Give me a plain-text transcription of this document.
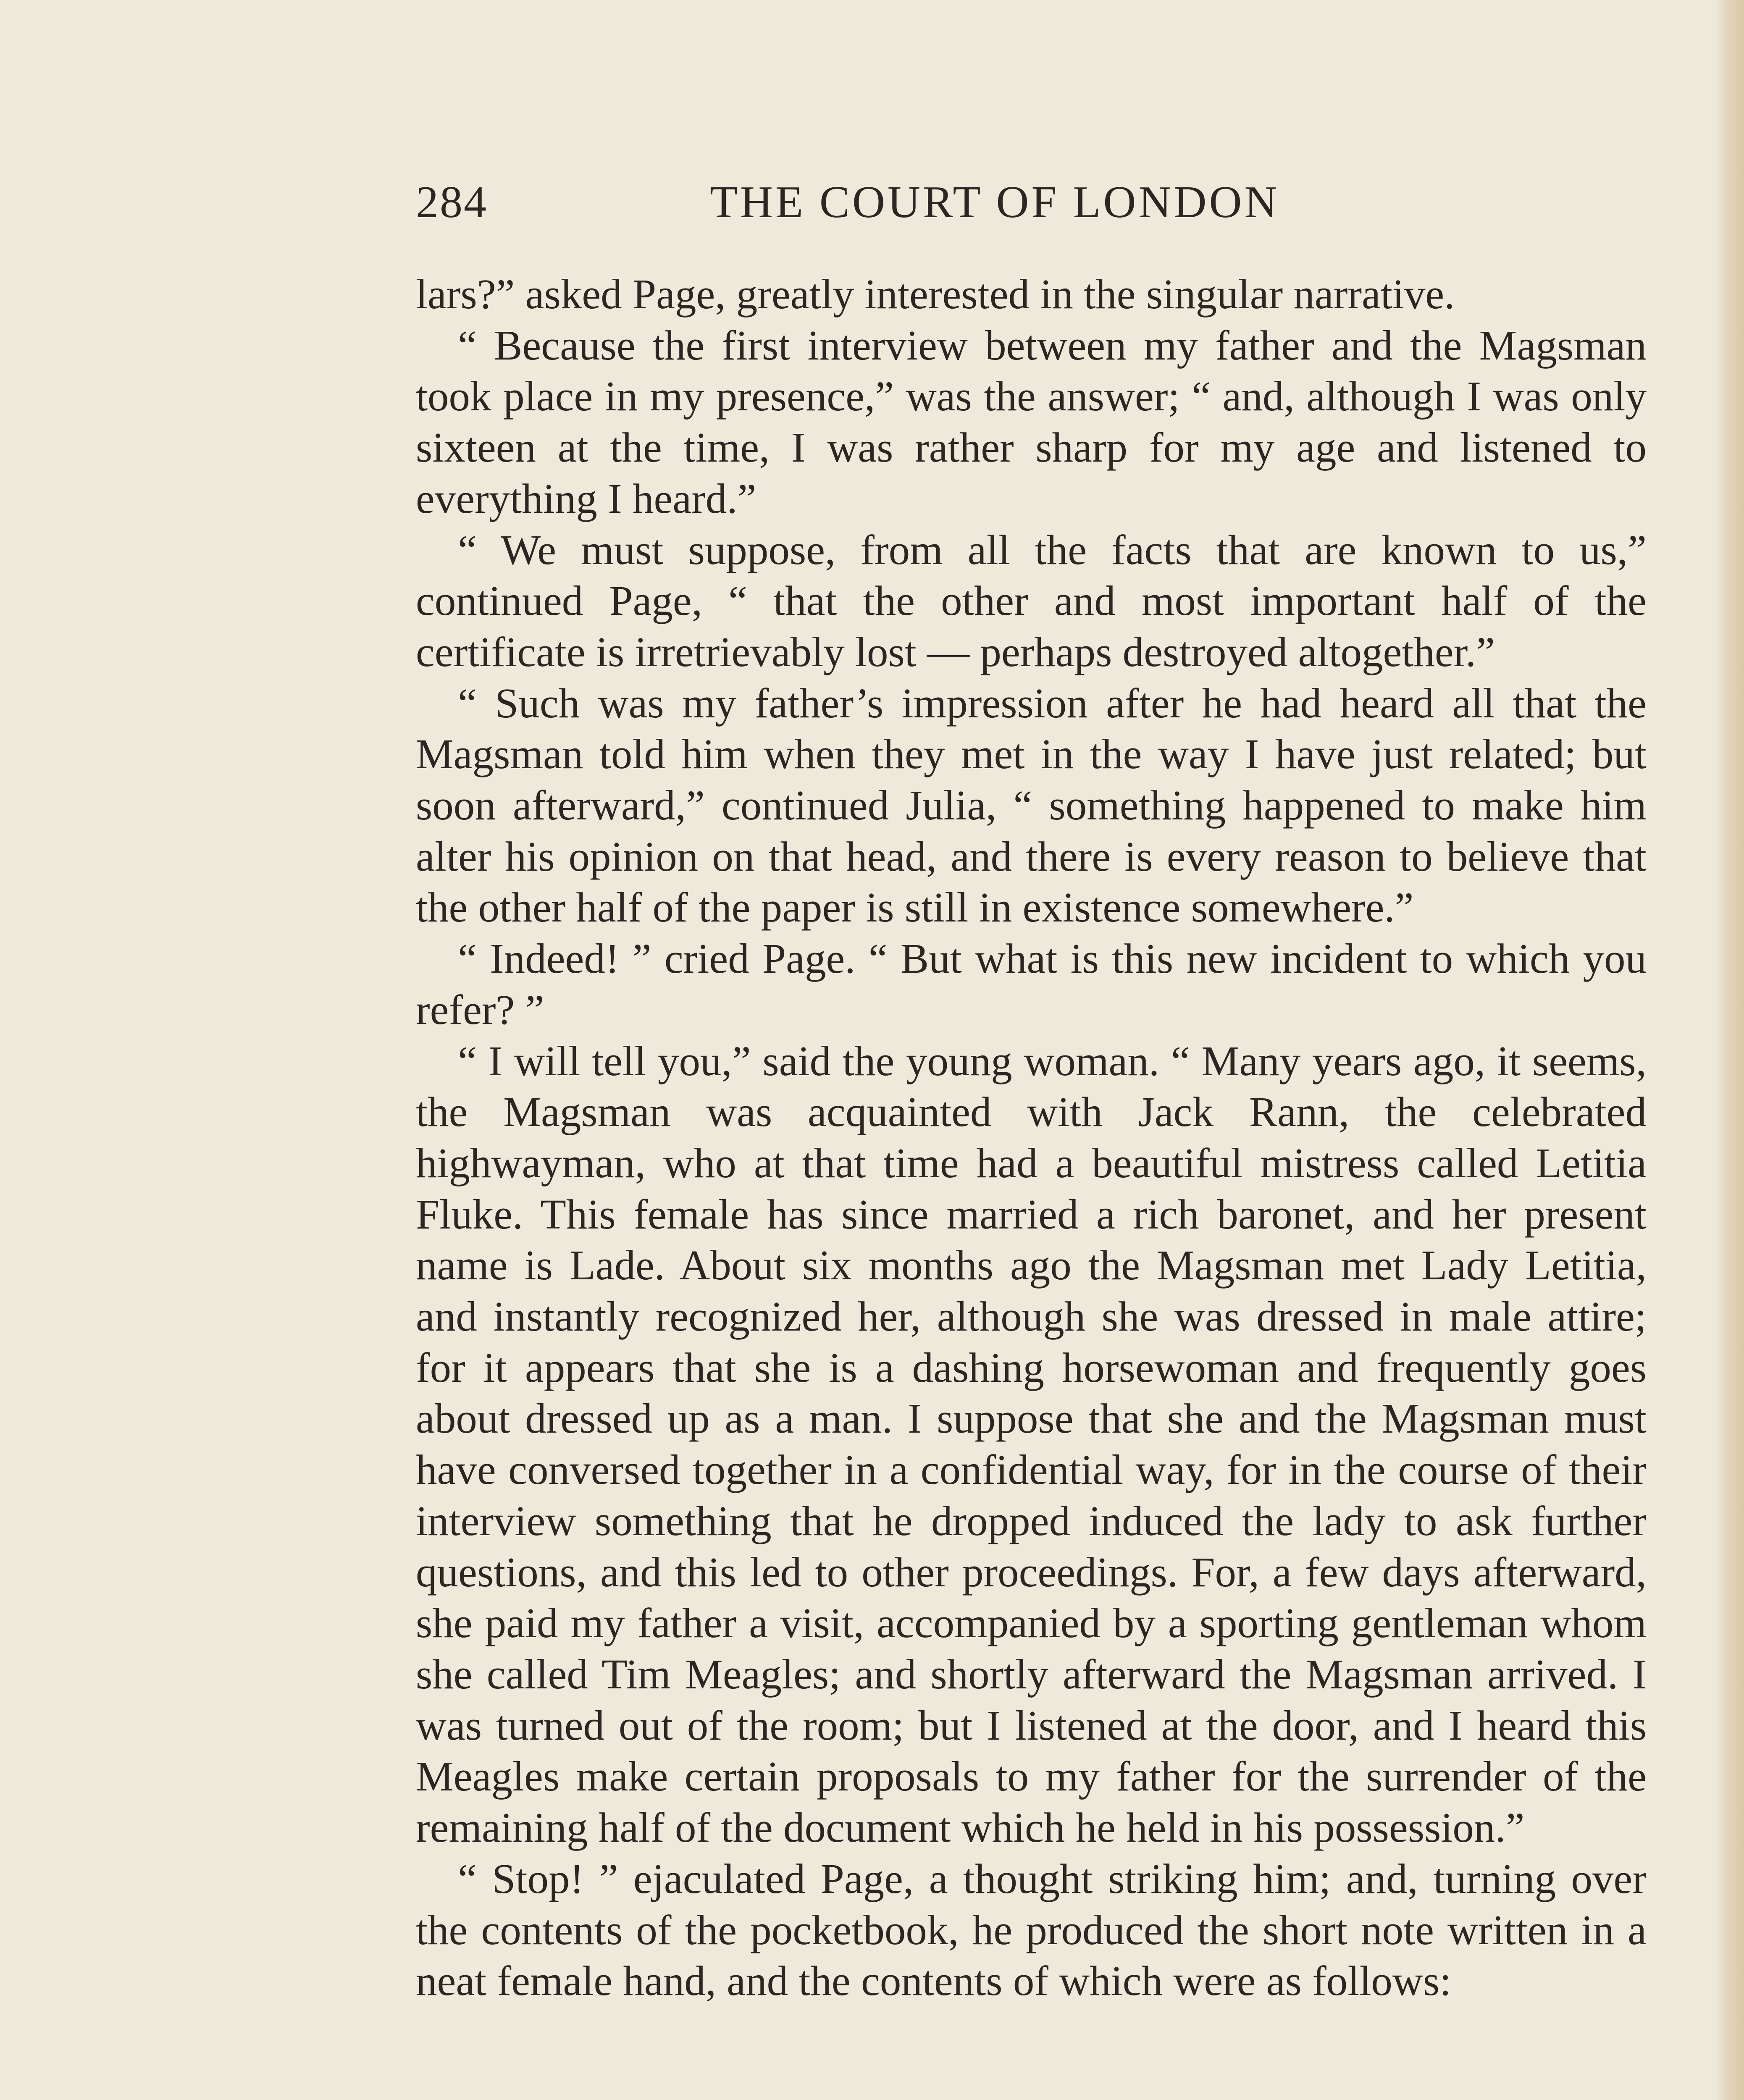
284	THE COURT OF LONDON

lars?” asked Page, greatly interested in the singular narrative.

“ Because the first interview between my father and the Magsman took place in my presence,” was the answer; “ and, although I was only sixteen at the time, I was rather sharp for my age and listened to everything I heard.”

“ We must suppose, from all the facts that are known to us,” continued Page, “ that the other and most important half of the certificate is irretrievably lost — perhaps destroyed altogether.”

“ Such was my father’s impression after he had heard all that the Magsman told him when they met in the way I have just related; but soon afterward,” continued Julia, “ something happened to make him alter his opinion on that head, and there is every reason to believe that the other half of the paper is still in existence somewhere.”

“ Indeed! ” cried Page. “ But what is this new incident to which you refer? ”

“ I will tell you,” said the young woman. “ Many years ago, it seems, the Magsman was acquainted with Jack Rann, the celebrated highwayman, who at that time had a beautiful mistress called Letitia Fluke. This female has since married a rich baronet, and her present name is Lade. About six months ago the Magsman met Lady Letitia, and instantly recognized her, although she was dressed in male attire; for it appears that she is a dashing horsewoman and frequently goes about dressed up as a man. I suppose that she and the Magsman must have conversed together in a confidential way, for in the course of their interview something that he dropped induced the lady to ask further questions, and this led to other proceedings. For, a few days afterward, she paid my father a visit, accompanied by a sporting gentleman whom she called Tim Meagles; and shortly afterward the Magsman arrived. I was turned out of the room; but I listened at the door, and I heard this Meagles make certain proposals to my father for the surrender of the remaining half of the document which he held in his possession.”

“ Stop! ” ejaculated Page, a thought striking him; and, turning over the contents of the pocketbook, he produced the short note written in a neat female hand, and the contents of which were as follows:
